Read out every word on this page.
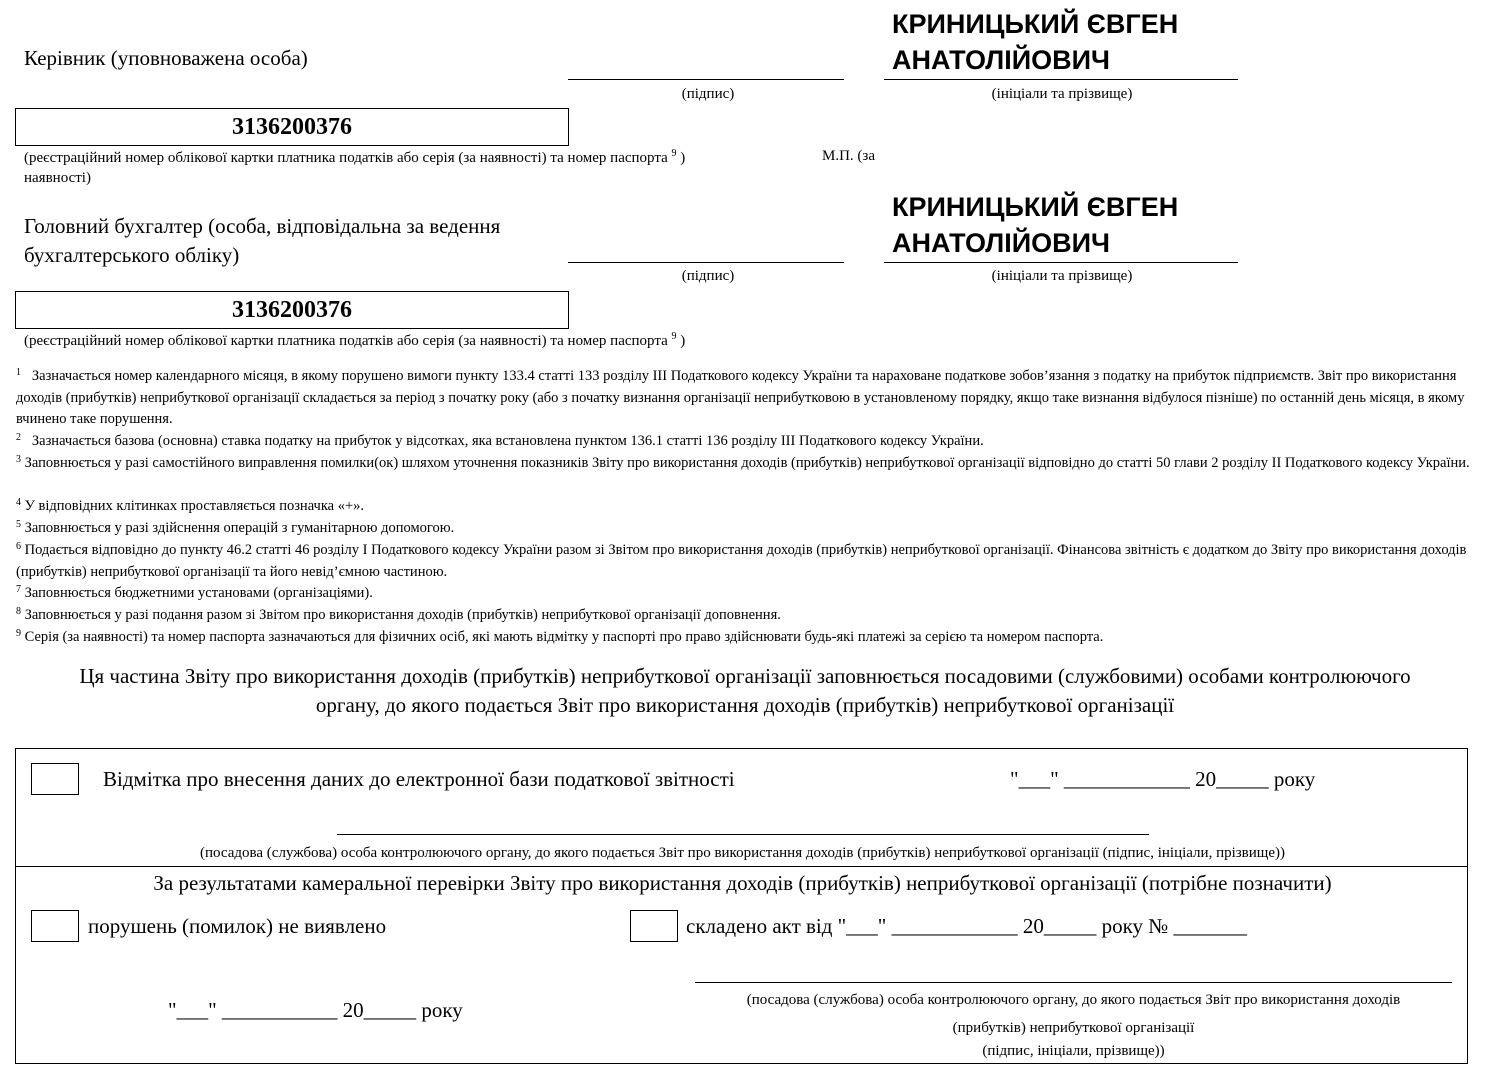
Керівник (уповноважена особа)
(підпис)
КРИНИЦЬКИЙ ЄВГЕН
АНАТОЛІЙОВИЧ
(ініціали та прізвище)
3136200376
(реєстраційний номер облікової картки платника податків або серія (за наявності) та номер паспорта $^9$ )	М.П. (за
наявності)
Головний бухгалтер (особа, відповідальна за ведення
бухгалтерського обліку)
(підпис)
КРИНИЦЬКИЙ ЄВГЕН
АНАТОЛІЙОВИЧ
(ініціали та прізвище)
3136200376
(реєстраційний номер облікової картки платника податків або серія (за наявності) та номер паспорта $^9$ )
$^1$ Зазначається номер календарного місяця, в якому порушено вимоги пункту 133.4 статті 133 розділу ІІІ Податкового кодексу України та нараховане податкове зобов’язання з податку на прибуток підприємств. Звіт про використання доходів (прибутків) неприбуткової організації складається за період з початку року (або з початку визнання організації неприбутковою в установленому порядку, якщо таке визнання відбулося пізніше) по останній день місяця, в якому вчинено таке порушення.
$^2$ Зазначається базова (основна) ставка податку на прибуток у відсотках, яка встановлена пунктом 136.1 статті 136 розділу ІІІ Податкового кодексу України.
$^3$ Заповнюється у разі самостійного виправлення помилки(ок) шляхом уточнення показників Звіту про використання доходів (прибутків) неприбуткової організації відповідно до статті 50 глави 2 розділу ІІ Податкового кодексу України.
$^4$ У відповідних клітинках проставляється позначка «+».
$^5$ Заповнюється у разі здійснення операцій з гуманітарною допомогою.
$^6$ Подається відповідно до пункту 46.2 статті 46 розділу І Податкового кодексу України разом зі Звітом про використання доходів (прибутків) неприбуткової організації. Фінансова звітність є додатком до Звіту про використання доходів (прибутків) неприбуткової організації та його невід’ємною частиною.
$^7$ Заповнюється бюджетними установами (організаціями).
$^8$ Заповнюється у разі подання разом зі Звітом про використання доходів (прибутків) неприбуткової організації доповнення.
$^9$ Серія (за наявності) та номер паспорта зазначаються для фізичних осіб, які мають відмітку у паспорті про право здійснювати будь-які платежі за серією та номером паспорта.
Ця частина Звіту про використання доходів (прибутків) неприбуткової організації заповнюється посадовими (службовими) особами контролюючого
органу, до якого подається Звіт про використання доходів (прибутків) неприбуткової організації
Відмітка про внесення даних до електронної бази податкової звітності	"___" ____________ 20_____ року
(посадова (службова) особа контролюючого органу, до якого подається Звіт про використання доходів (прибутків) неприбуткової організації (підпис, ініціали, прізвище))
За результатами камеральної перевірки Звіту про використання доходів (прибутків) неприбуткової організації (потрібне позначити)
порушень (помилок) не виявлено	складено акт від "___" ____________ 20_____ року № _______
"___" ___________ 20_____ року	(посадова (службова) особа контролюючого органу, до якого подається Звіт про використання доходів
(прибутків) неприбуткової організації
(підпис, ініціали, прізвище))
